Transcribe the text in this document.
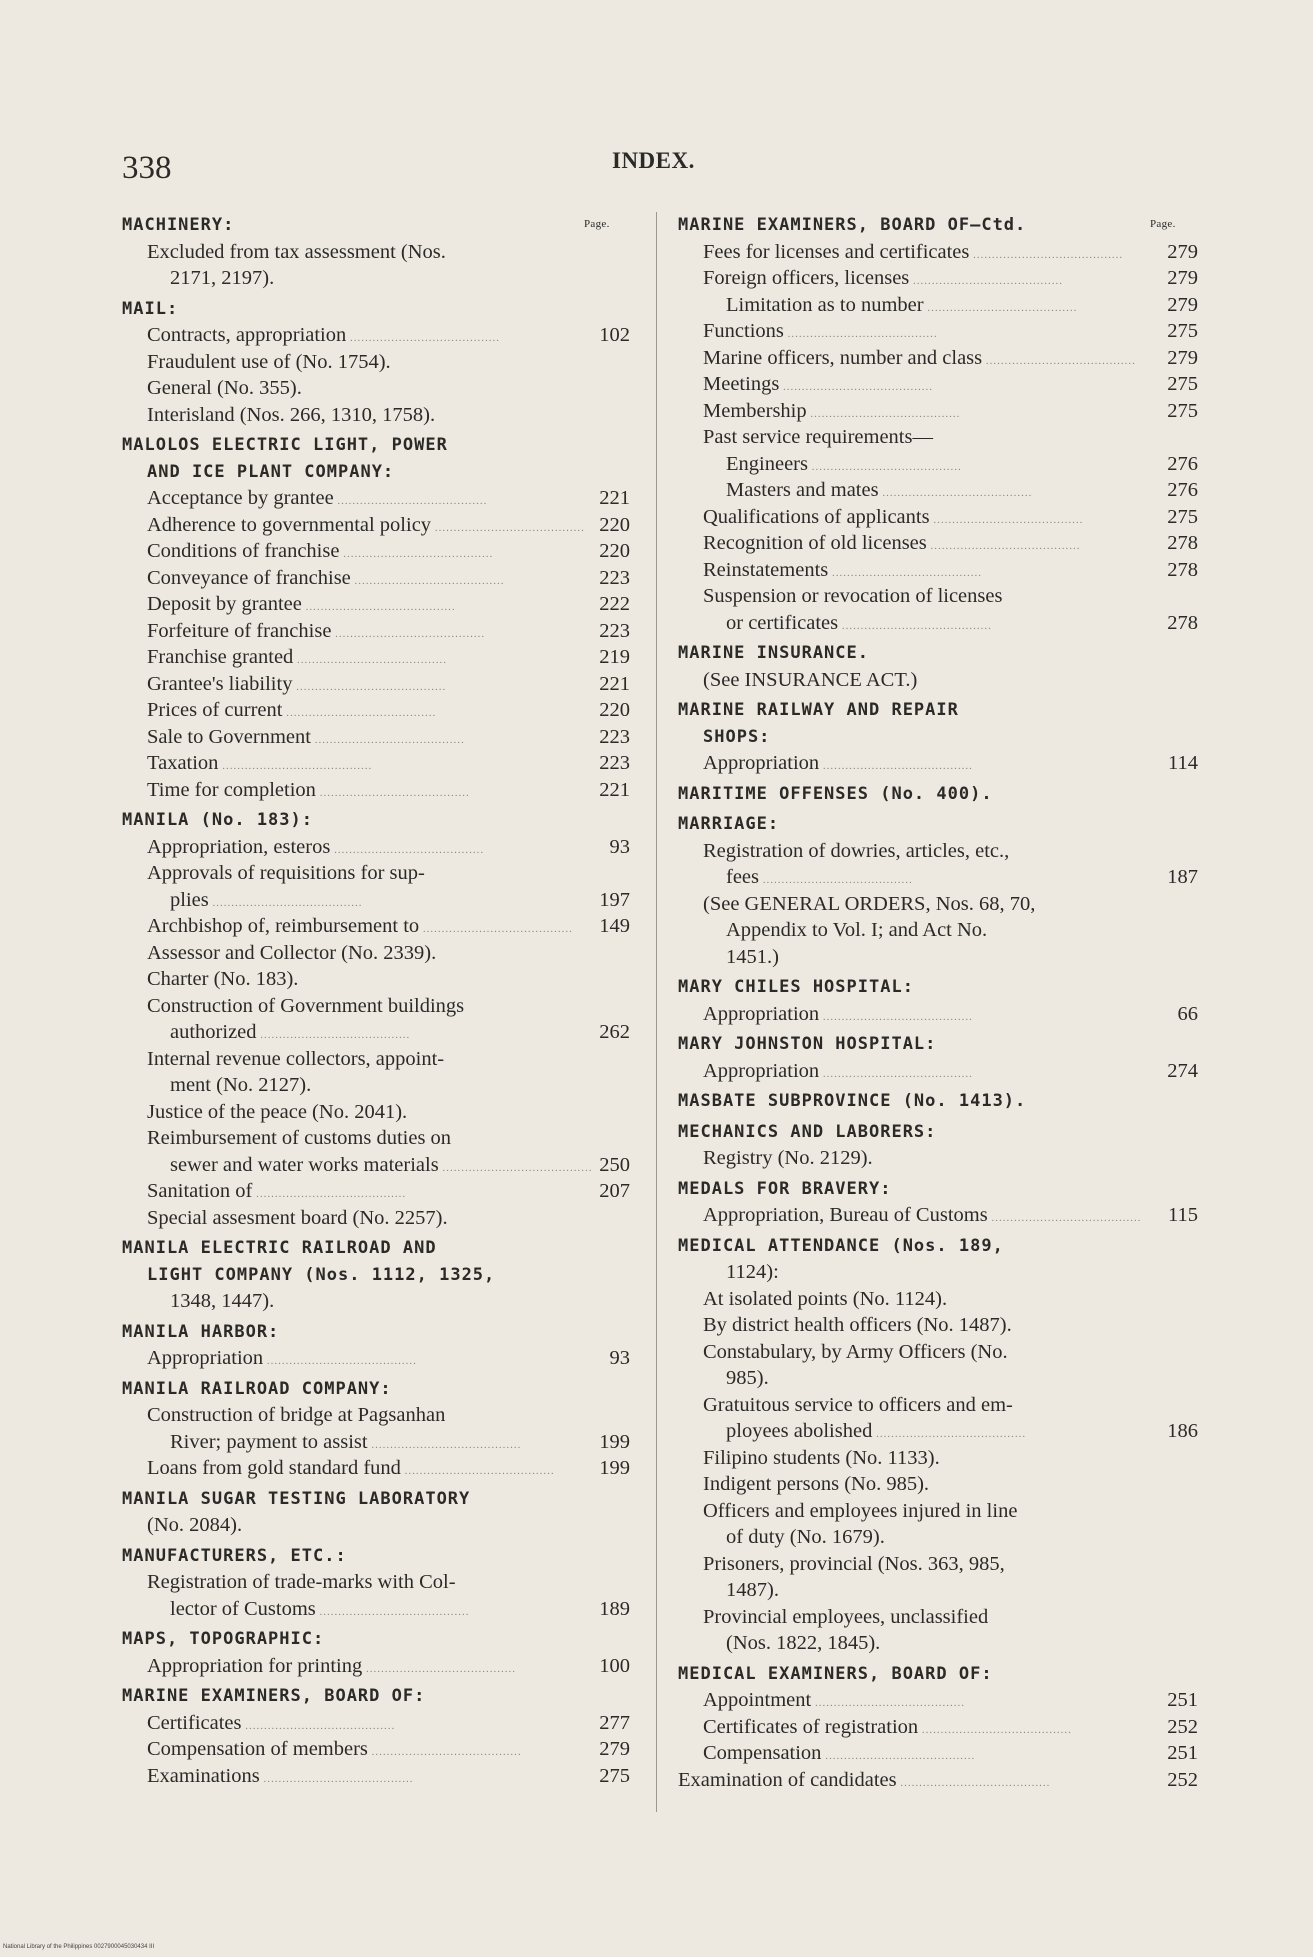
338	INDEX.
Page.	Page.
MACHINERY:
Excluded from tax assessment (Nos.
2171, 2197).
MAIL:
Contracts, appropriation ........................................	102
Fraudulent use of (No. 1754).
General (No. 355).
Interisland (Nos. 266, 1310, 1758).
MALOLOS ELECTRIC LIGHT, POWER
AND ICE PLANT COMPANY:
Acceptance by grantee ........................................	221
Adherence to governmental policy ........................................ 220
Conditions of franchise ........................................	220
Conveyance of franchise ........................................	223
Deposit by grantee ........................................	222
Forfeiture of franchise ........................................	223
Franchise granted ........................................	219
Grantee's liability ........................................	221
Prices of current ........................................	220
Sale to Government ........................................	223
Taxation ........................................	223
Time for completion ........................................	221
MANILA (No. 183):
Appropriation, esteros ........................................	93
Approvals of requisitions for sup-
plies ........................................	197
Archbishop of, reimbursement to ........................................ 149
Assessor and Collector (No. 2339).
Charter (No. 183).
Construction of Government buildings
authorized ........................................	262
Internal revenue collectors, appoint-
ment (No. 2127).
Justice of the peace (No. 2041).
Reimbursement of customs duties on
sewer and water works materials ........................................ 250
Sanitation of ........................................	207
Special assesment board (No. 2257).
MANILA ELECTRIC RAILROAD AND
LIGHT COMPANY (Nos. 1112, 1325,
1348, 1447).
MANILA HARBOR:
Appropriation ........................................	93
MANILA RAILROAD COMPANY:
Construction of bridge at Pagsanhan
River; payment to assist ........................................	199
Loans from gold standard fund ........................................ 199
MANILA SUGAR TESTING LABORATORY
(No. 2084).
MANUFACTURERS, ETC.:
Registration of trade-marks with Col-
lector of Customs ........................................	189
MAPS, TOPOGRAPHIC:
Appropriation for printing ........................................	100
MARINE EXAMINERS, BOARD OF:
Certificates ........................................	277
Compensation of members ........................................	279
Examinations ........................................	275
MARINE EXAMINERS, BOARD OF—Ctd.
Fees for licenses and certificates ........................................ 279
Foreign officers, licenses ........................................	279
Limitation as to number ........................................	279
Functions ........................................	275
Marine officers, number and class ........................................ 279
Meetings ........................................	275
Membership ........................................	275
Past service requirements—
Engineers ........................................	276
Masters and mates ........................................	276
Qualifications of applicants ........................................	275
Recognition of old licenses ........................................	278
Reinstatements ........................................	278
Suspension or revocation of licenses
or certificates ........................................	278
MARINE INSURANCE.
(See INSURANCE ACT.)
MARINE RAILWAY AND REPAIR
SHOPS:
Appropriation ........................................	114
MARITIME OFFENSES (No. 400).
MARRIAGE:
Registration of dowries, articles, etc.,
fees ........................................	187
(See GENERAL ORDERS, Nos. 68, 70,
Appendix to Vol. I; and Act No.
1451.)
MARY CHILES HOSPITAL:
Appropriation ........................................	66
MARY JOHNSTON HOSPITAL:
Appropriation ........................................	274
MASBATE SUBPROVINCE (No. 1413).
MECHANICS AND LABORERS:
Registry (No. 2129).
MEDALS FOR BRAVERY:
Appropriation, Bureau of Customs ........................................ 115
MEDICAL ATTENDANCE (Nos. 189,
1124):
At isolated points (No. 1124).
By district health officers (No. 1487).
Constabulary, by Army Officers (No.
985).
Gratuitous service to officers and em-
ployees abolished ........................................	186
Filipino students (No. 1133).
Indigent persons (No. 985).
Officers and employees injured in line
of duty (No. 1679).
Prisoners, provincial (Nos. 363, 985,
1487).
Provincial employees, unclassified
(Nos. 1822, 1845).
MEDICAL EXAMINERS, BOARD OF:
Appointment ........................................	251
Certificates of registration ........................................	252
Compensation ........................................	251
Examination of candidates ........................................	252
National Library of the Philippines 0027900045030434 III
